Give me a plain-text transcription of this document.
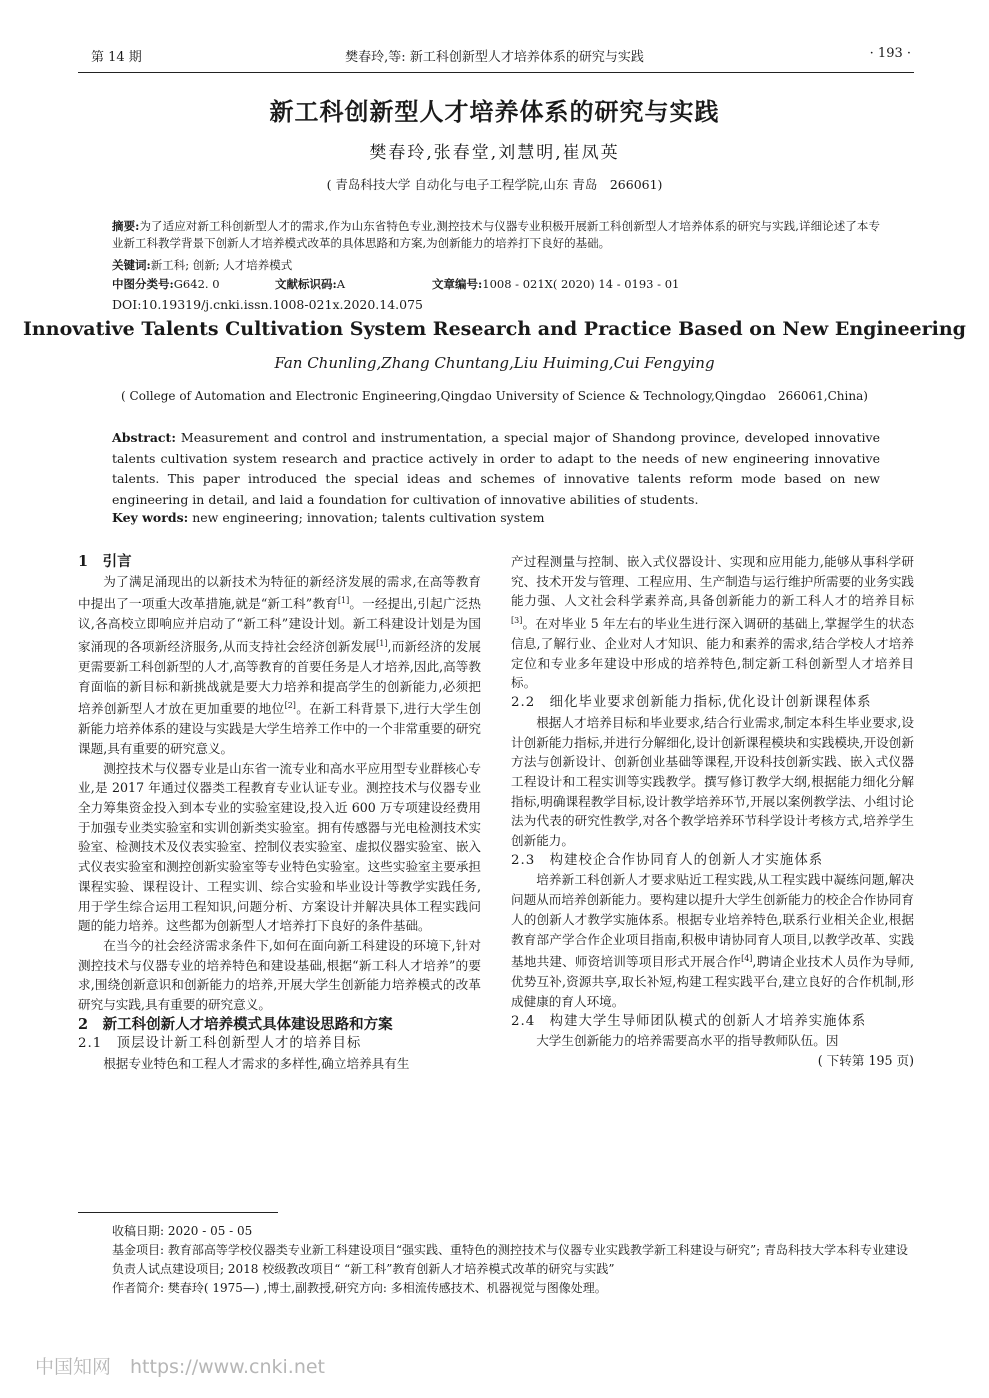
第 14 期	樊春玲,等: 新工科创新型人才培养体系的研究与实践	· 193 ·
新工科创新型人才培养体系的研究与实践
樊春玲,张春堂,刘慧明,崔凤英
( 青岛科技大学 自动化与电子工程学院,山东 青岛　266061)
摘要:为了适应对新工科创新型人才的需求,作为山东省特色专业,测控技术与仪器专业积极开展新工科创新型人才培养体系的研究与实践,详细论述了本专业新工科教学背景下创新人才培养模式改革的具体思路和方案,为创新能力的培养打下良好的基础。
关键词:新工科; 创新; 人才培养模式
中图分类号:G642. 0	文献标识码:A	文章编号:1008 - 021X( 2020) 14 - 0193 - 01
DOI:10.19319/j.cnki.issn.1008-021x.2020.14.075
Innovative Talents Cultivation System Research and Practice Based on New Engineering
Fan Chunling,Zhang Chuntang,Liu Huiming,Cui Fengying
( College of Automation and Electronic Engineering,Qingdao University of Science & Technology,Qingdao　266061,China)
Abstract: Measurement and control and instrumentation, a special major of Shandong province, developed innovative talents cultivation system research and practice actively in order to adapt to the needs of new engineering innovative talents. This paper introduced the special ideas and schemes of innovative talents reform mode based on new engineering in detail, and laid a foundation for cultivation of innovative abilities of students.
Key words: new engineering; innovation; talents cultivation system
1　引言

为了满足涌现出的以新技术为特征的新经济发展的需求,在高等教育中提出了一项重大改革措施,就是“新工科”教育[1]。一经提出,引起广泛热议,各高校立即响应并启动了“新工科”建设计划。新工科建设计划是为国家涌现的各项新经济服务,从而支持社会经济创新发展[1],而新经济的发展更需要新工科创新型的人才,高等教育的首要任务是人才培养,因此,高等教育面临的新目标和新挑战就是要大力培养和提高学生的创新能力,必须把培养创新型人才放在更加重要的地位[2]。在新工科背景下,进行大学生创新能力培养体系的建设与实践是大学生培养工作中的一个非常重要的研究课题,具有重要的研究意义。

测控技术与仪器专业是山东省一流专业和高水平应用型专业群核心专业,是 2017 年通过仪器类工程教育专业认证专业。测控技术与仪器专业全力筹集资金投入到本专业的实验室建设,投入近 600 万专项建设经费用于加强专业类实验室和实训创新类实验室。拥有传感器与光电检测技术实验室、检测技术及仪表实验室、控制仪表实验室、虚拟仪器实验室、嵌入式仪表实验室和测控创新实验室等专业特色实验室。这些实验室主要承担课程实验、课程设计、工程实训、综合实验和毕业设计等教学实践任务,用于学生综合运用工程知识,问题分析、方案设计并解决具体工程实践问题的能力培养。这些都为创新型人才培养打下良好的条件基础。

在当今的社会经济需求条件下,如何在面向新工科建设的环境下,针对测控技术与仪器专业的培养特色和建设基础,根据“新工科人才培养”的要求,围绕创新意识和创新能力的培养,开展大学生创新能力培养模式的改革研究与实践,具有重要的研究意义。

2　新工科创新人才培养模式具体建设思路和方案
2.1　顶层设计新工科创新型人才的培养目标

根据专业特色和工程人才需求的多样性,确立培养具有生

产过程测量与控制、嵌入式仪器设计、实现和应用能力,能够从事科学研究、技术开发与管理、工程应用、生产制造与运行维护所需要的业务实践能力强、人文社会科学素养高,具备创新能力的新工科人才的培养目标[3]。在对毕业 5 年左右的毕业生进行深入调研的基础上,掌握学生的状态信息,了解行业、企业对人才知识、能力和素养的需求,结合学校人才培养定位和专业多年建设中形成的培养特色,制定新工科创新型人才培养目标。

2.2　细化毕业要求创新能力指标,优化设计创新课程体系

根据人才培养目标和毕业要求,结合行业需求,制定本科生毕业要求,设计创新能力指标,并进行分解细化,设计创新课程模块和实践模块,开设创新方法与创新设计、创新创业基础等课程,开设科技创新实践、嵌入式仪器工程设计和工程实训等实践教学。撰写修订教学大纲,根据能力细化分解指标,明确课程教学目标,设计教学培养环节,开展以案例教学法、小组讨论法为代表的研究性教学,对各个教学培养环节科学设计考核方式,培养学生创新能力。

2.3　构建校企合作协同育人的创新人才实施体系

培养新工科创新人才要求贴近工程实践,从工程实践中凝练问题,解决问题从而培养创新能力。要构建以提升大学生创新能力的校企合作协同育人的创新人才教学实施体系。根据专业培养特色,联系行业相关企业,根据教育部产学合作企业项目指南,积极申请协同育人项目,以教学改革、实践基地共建、师资培训等项目形式开展合作[4],聘请企业技术人员作为导师,优势互补,资源共享,取长补短,构建工程实践平台,建立良好的合作机制,形成健康的育人环境。

2.4　构建大学生导师团队模式的创新人才培养实施体系

大学生创新能力的培养需要高水平的指导教师队伍。因

( 下转第 195 页)
收稿日期: 2020 - 05 - 05
基金项目: 教育部高等学校仪器类专业新工科建设项目“强实践、重特色的测控技术与仪器专业实践教学新工科建设与研究”; 青岛科技大学本科专业建设负责人试点建设项目; 2018 校级教改项目“ “新工科”教育创新人才培养模式改革的研究与实践”
作者简介: 樊春玲( 1975—) ,博士,副教授,研究方向: 多相流传感技术、机器视觉与图像处理。
中国知网　https://www.cnki.net
